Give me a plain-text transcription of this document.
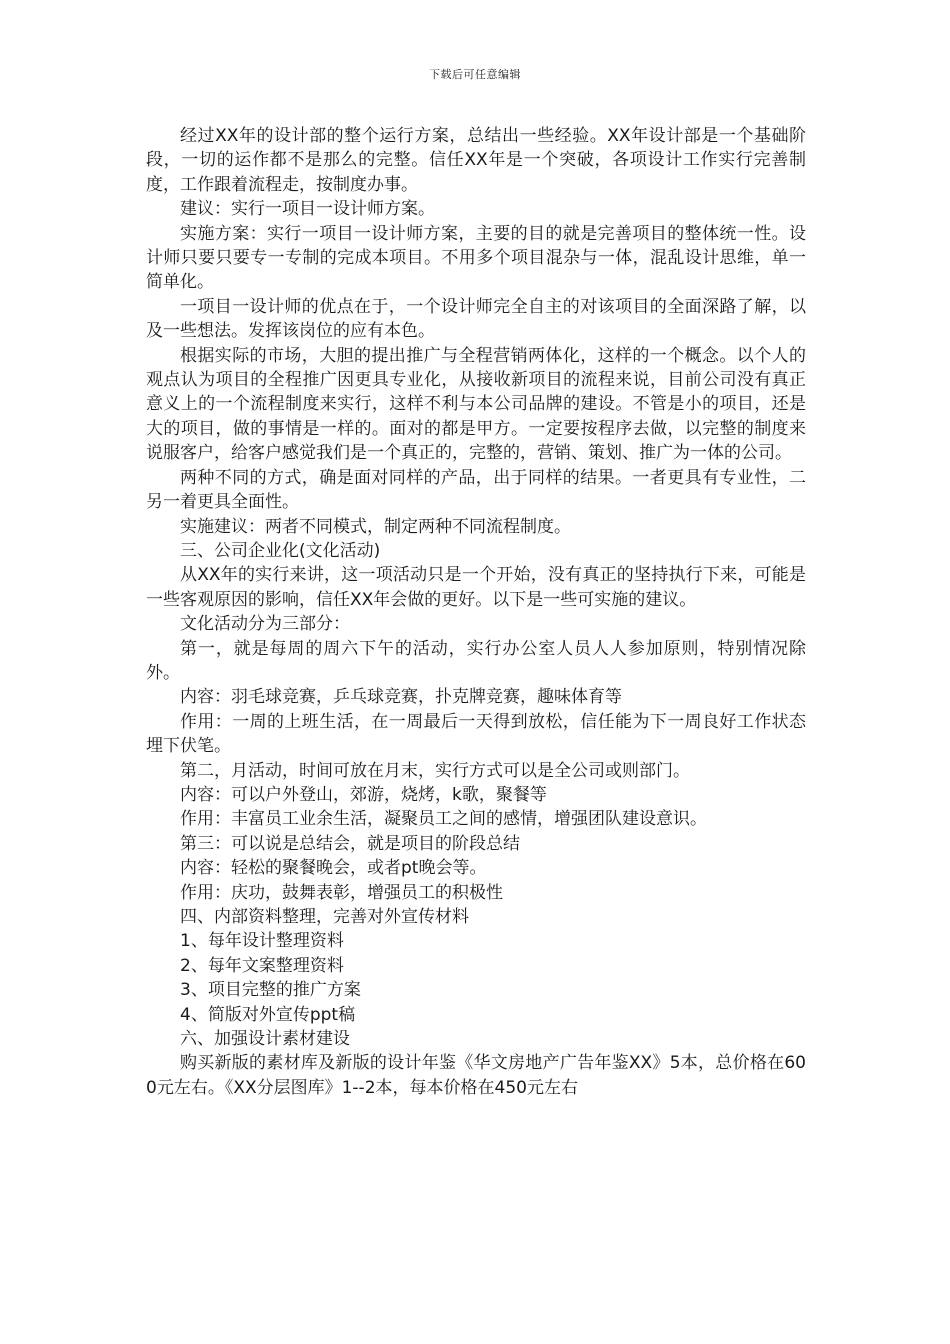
下载后可任意编辑

经过XX年的设计部的整个运行方案，总结出一些经验。XX年设计部是一个基础阶段，一切的运作都不是那么的完整。信任XX年是一个突破，各项设计工作实行完善制度，工作跟着流程走，按制度办事。

建议：实行一项目一设计师方案。

实施方案：实行一项目一设计师方案，主要的目的就是完善项目的整体统一性。设计师只要只要专一专制的完成本项目。不用多个项目混杂与一体，混乱设计思维，单一简单化。

一项目一设计师的优点在于，一个设计师完全自主的对该项目的全面深路了解，以及一些想法。发挥该岗位的应有本色。

根据实际的市场，大胆的提出推广与全程营销两体化，这样的一个概念。以个人的观点认为项目的全程推广因更具专业化，从接收新项目的流程来说，目前公司没有真正意义上的一个流程制度来实行，这样不利与本公司品牌的建设。不管是小的项目，还是大的项目，做的事情是一样的。面对的都是甲方。一定要按程序去做，以完整的制度来说服客户，给客户感觉我们是一个真正的，完整的，营销、策划、推广为一体的公司。

两种不同的方式，确是面对同样的产品，出于同样的结果。一者更具有专业性，二另一着更具全面性。

实施建议：两者不同模式，制定两种不同流程制度。

三、公司企业化(文化活动)

从XX年的实行来讲，这一项活动只是一个开始，没有真正的坚持执行下来，可能是一些客观原因的影响，信任XX年会做的更好。以下是一些可实施的建议。

文化活动分为三部分：

第一，就是每周的周六下午的活动，实行办公室人员人人参加原则，特别情况除外。

内容：羽毛球竞赛，乒乓球竞赛，扑克牌竞赛，趣味体育等

作用：一周的上班生活，在一周最后一天得到放松，信任能为下一周良好工作状态埋下伏笔。

第二，月活动，时间可放在月末，实行方式可以是全公司或则部门。

内容：可以户外登山，郊游，烧烤，k歌，聚餐等

作用：丰富员工业余生活，凝聚员工之间的感情，增强团队建设意识。

第三：可以说是总结会，就是项目的阶段总结

内容：轻松的聚餐晚会，或者pt晚会等。

作用：庆功，鼓舞表彰，增强员工的积极性

四、内部资料整理，完善对外宣传材料

1、每年设计整理资料

2、每年文案整理资料

3、项目完整的推广方案

4、简版对外宣传ppt稿

六、加强设计素材建设

购买新版的素材库及新版的设计年鉴《华文房地产广告年鉴XX》5本，总价格在600元左右。《XX分层图库》1--2本，每本价格在450元左右
